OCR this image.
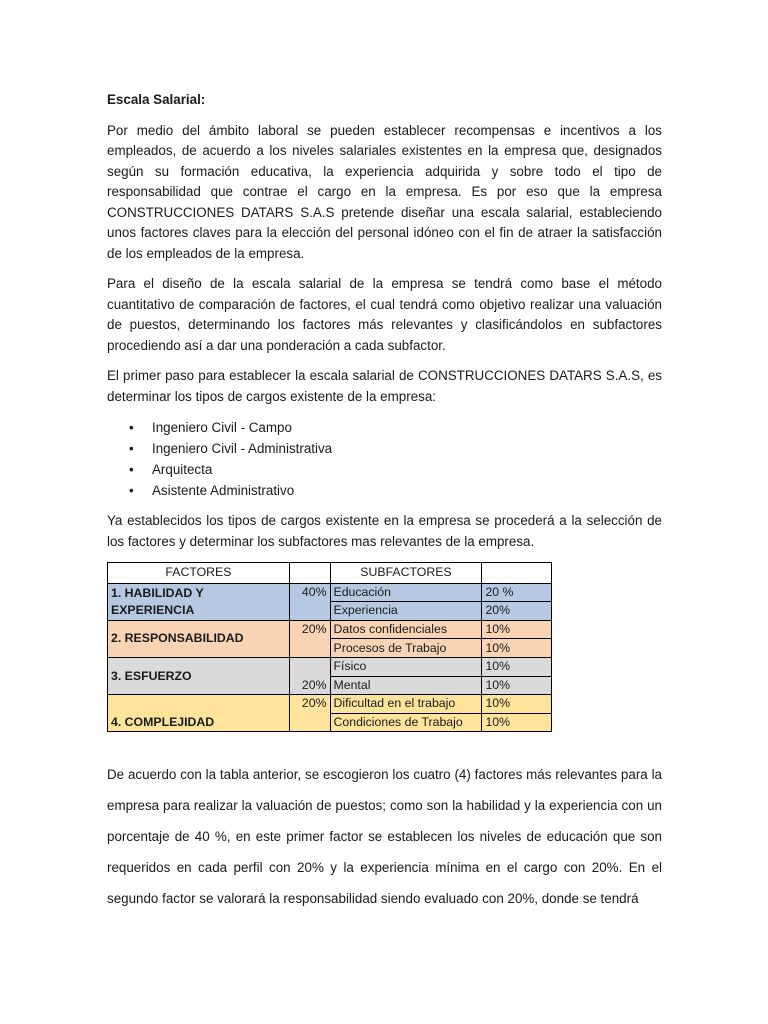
Escala Salarial:

Por medio del ámbito laboral se pueden establecer recompensas e incentivos a los empleados, de acuerdo a los niveles salariales existentes en la empresa que, designados según su formación educativa, la experiencia adquirida y sobre todo el tipo de responsabilidad que contrae el cargo en la empresa. Es por eso que la empresa CONSTRUCCIONES DATARS S.A.S pretende diseñar una escala salarial, estableciendo unos factores claves para la elección del personal idóneo con el fin de atraer la satisfacción de los empleados de la empresa.

Para el diseño de la escala salarial de la empresa se tendrá como base el método cuantitativo de comparación de factores, el cual tendrá como objetivo realizar una valuación de puestos, determinando los factores más relevantes y clasificándolos en subfactores procediendo así a dar una ponderación a cada subfactor.

El primer paso para establecer la escala salarial de CONSTRUCCIONES DATARS S.A.S, es determinar los tipos de cargos existente de la empresa:

• Ingeniero Civil - Campo
• Ingeniero Civil - Administrativa
• Arquitecta
• Asistente Administrativo

Ya establecidos los tipos de cargos existente en la empresa se procederá a la selección de los factores y determinar los subfactores mas relevantes de la empresa.

FACTORES		SUBFACTORES	
1. HABILIDAD Y EXPERIENCIA	40%	Educación	20 %
		Experiencia	20%
2. RESPONSABILIDAD	20%	Datos confidenciales	10%
		Procesos de Trabajo	10%
3. ESFUERZO	20%	Físico	10%
		Mental	10%
4. COMPLEJIDAD	20%	Dificultad en el trabajo	10%
		Condiciones de Trabajo	10%

De acuerdo con la tabla anterior, se escogieron los cuatro (4) factores más relevantes para la empresa para realizar la valuación de puestos; como son la habilidad y la experiencia con un porcentaje de 40 %, en este primer factor se establecen los niveles de educación que son requeridos en cada perfil con 20% y la experiencia mínima en el cargo con 20%. En el segundo factor se valorará la responsabilidad siendo evaluado con 20%, donde se tendrá
